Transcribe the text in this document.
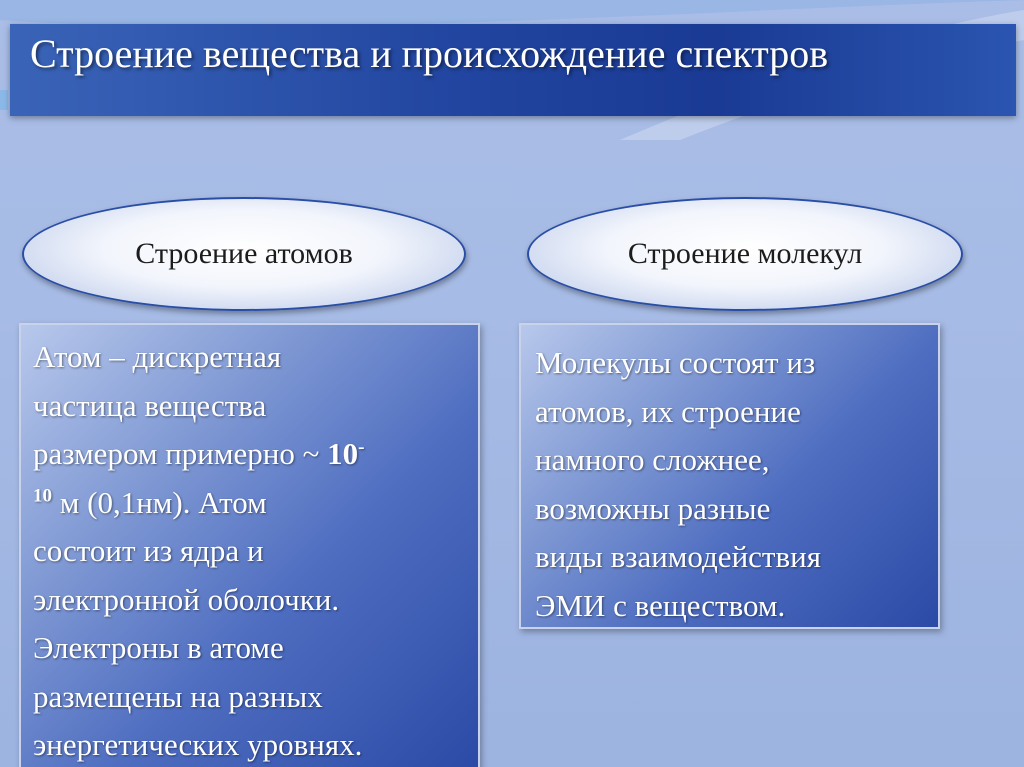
Строение вещества и происхождение спектров
Строение атомов	Строение молекул
Атом – дискретная
частица вещества
размером примерно ~ 10-
$^{10}$ м (0,1нм). Атом
состоит из ядра и
электронной оболочки.
Электроны в атоме
размещены на разных
энергетических уровнях.
Молекулы состоят из
атомов, их строение
намного сложнее,
возможны разные
виды взаимодействия
ЭМИ с веществом.
